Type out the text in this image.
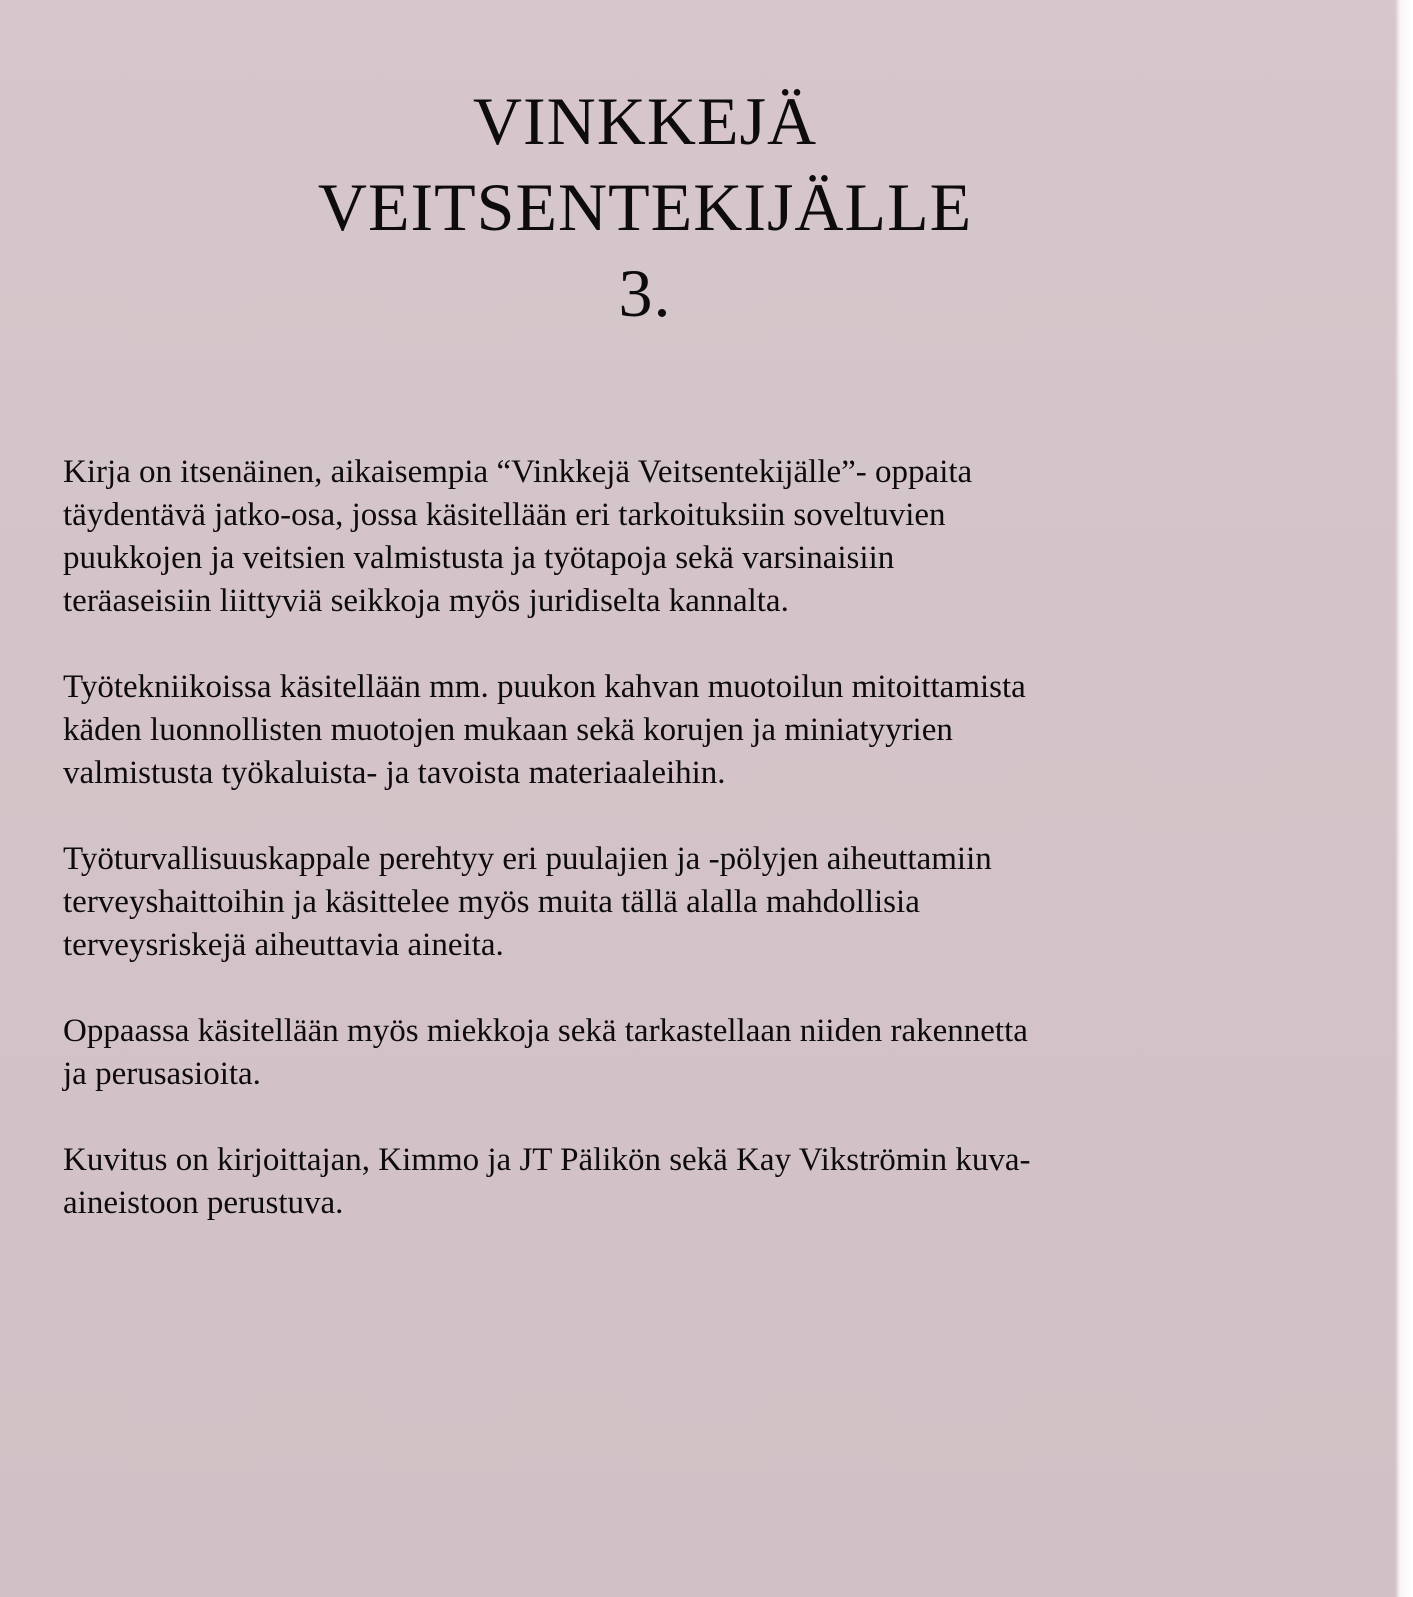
VINKKEJÄ
VEITSENTEKIJÄLLE
3.

Kirja on itsenäinen, aikaisempia “Vinkkejä Veitsentekijälle”- oppaita
täydentävä jatko-osa, jossa käsitellään eri tarkoituksiin soveltuvien
puukkojen ja veitsien valmistusta ja työtapoja sekä varsinaisiin
teräaseisiin liittyviä seikkoja myös juridiselta kannalta.

Työtekniikoissa käsitellään mm. puukon kahvan muotoilun mitoittamista
käden luonnollisten muotojen mukaan sekä korujen ja miniatyyrien
valmistusta työkaluista- ja tavoista materiaaleihin.

Työturvallisuuskappale perehtyy eri puulajien ja -pölyjen aiheuttamiin
terveyshaittoihin ja käsittelee myös muita tällä alalla mahdollisia
terveysriskejä aiheuttavia aineita.

Oppaassa käsitellään myös miekkoja sekä tarkastellaan niiden rakennetta
ja perusasioita.

Kuvitus on kirjoittajan, Kimmo ja JT Pälikön sekä Kay Vikströmin kuva-
aineistoon perustuva.
